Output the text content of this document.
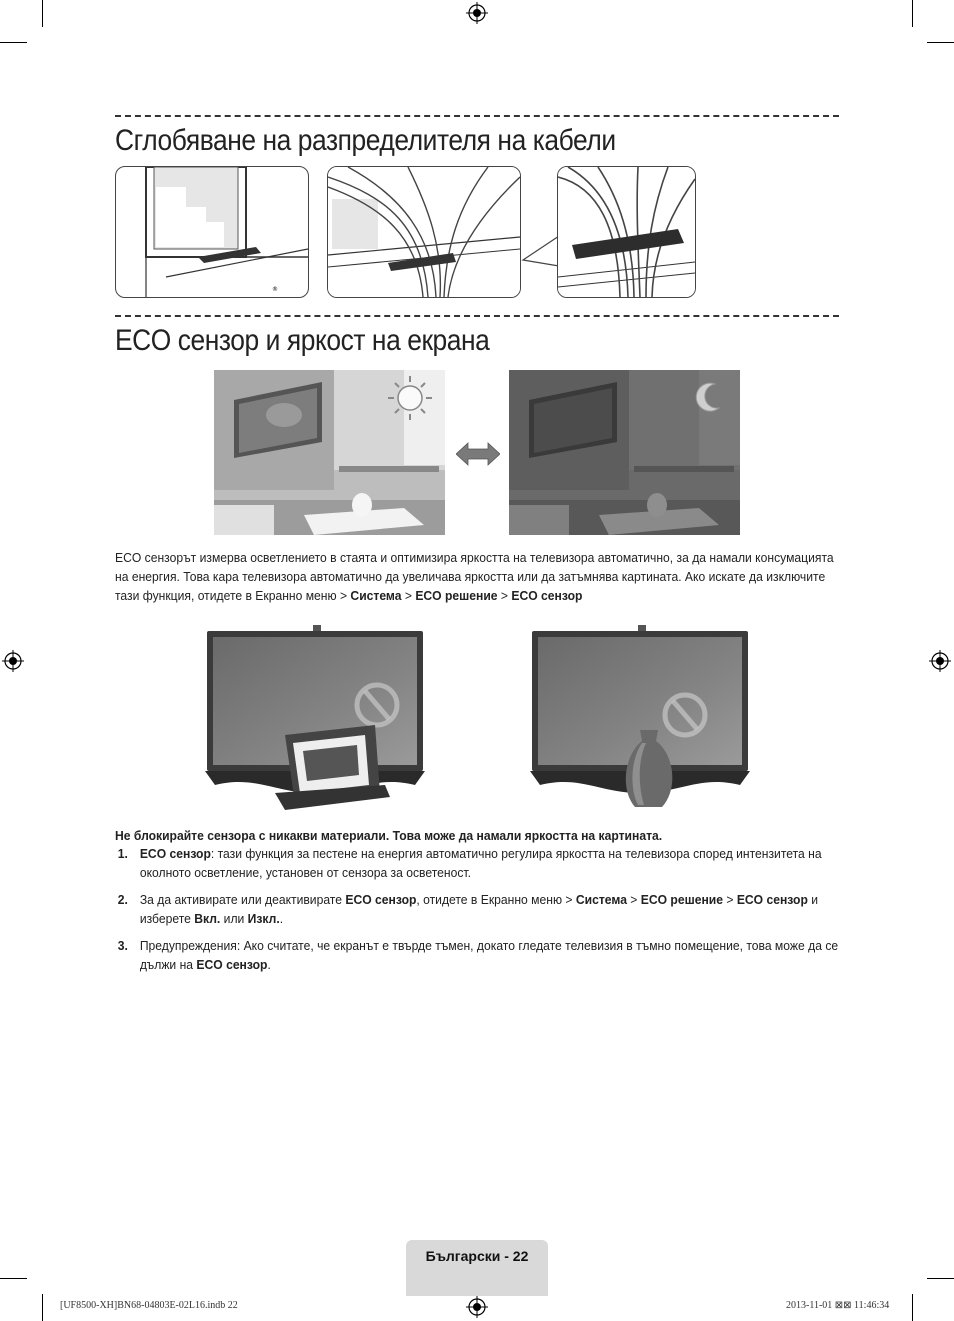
Сглобяване на разпределителя на кабели
®
ECO сензор и яркост на екрана
ECO сензорът измерва осветлението в стаята и оптимизира яркостта на телевизора автоматично, за да намали консумацията на енергия. Това кара телевизора автоматично да увеличава яркостта или да затъмнява картината. Ако искате да изключите тази функция, отидете в Екранно меню > Система > ECO решение > ECO сензор
Не блокирайте сензора с никакви материали. Това може да намали яркостта на картината.
1. ECO сензор: тази функция за пестене на енергия автоматично регулира яркостта на телевизора според интензитета на околното осветление, установен от сензора за осветеност.
2. За да активирате или деактивирате ECO сензор, отидете в Екранно меню > Система > ECO решение > ECO сензор и изберете Вкл. или Изкл..
3. Предупреждения: Ако считате, че екранът е твърде тъмен, докато гледате телевизия в тъмно помещение, това може да се дължи на ECO сензор.
Български - 22
[UF8500-XH]BN68-04803E-02L16.indb 22	2013-11-01 ⊠⊠ 11:46:34
